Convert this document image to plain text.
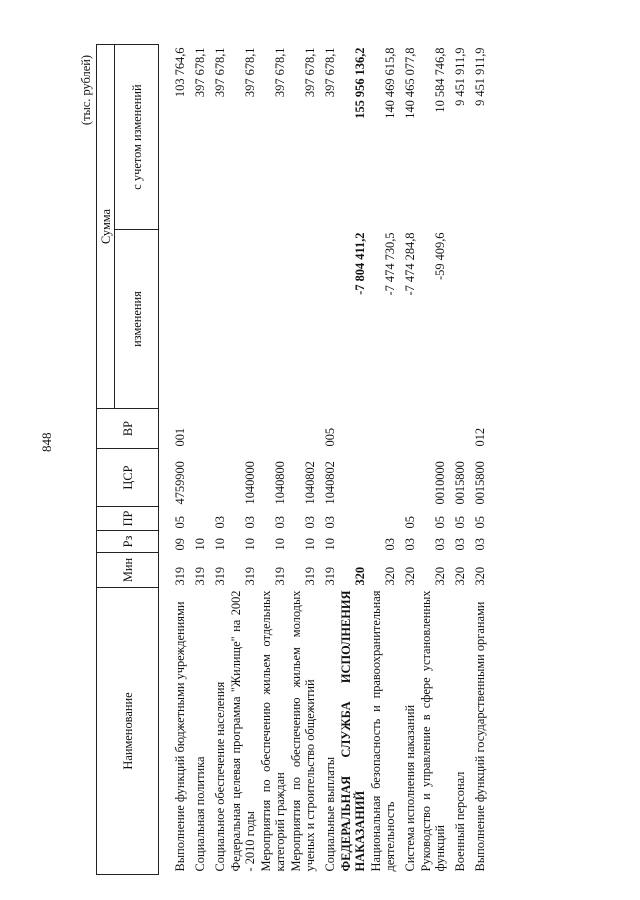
848
(тыс. рублей)
Наименование	Мин	Рз	ПР	ЦСР	ВР	Сумма	
						изменения	с учетом изменений

Выполнение функций бюджетными учреждениями	319	09	05	4759900	001		103 764,6
Социальная политика	319	10					397 678,1
Социальное обеспечение населения	319	10	03				397 678,1
Федеральная целевая программа "Жилище" на 2002 - 2010 годы	319	10	03	1040000			397 678,1
Мероприятия по обеспечению жильем отдельных категорий граждан	319	10	03	1040800			397 678,1
Мероприятия по обеспечению жильем молодых ученых и строительство общежитий	319	10	03	1040802			397 678,1
Социальные выплаты	319	10	03	1040802	005		397 678,1
ФЕДЕРАЛЬНАЯ СЛУЖБА ИСПОЛНЕНИЯ НАКАЗАНИЙ	320					-7 804 411,2	155 956 136,2
Национальная безопасность и правоохранительная деятельность	320	03				-7 474 730,5	140 469 615,8
Система исполнения наказаний	320	03	05			-7 474 284,8	140 465 077,8
Руководство и управление в сфере установленных функций	320	03	05	0010000		-59 409,6	10 584 746,8
Военный персонал	320	03	05	0015800			9 451 911,9
Выполнение функций государственными органами	320	03	05	0015800	012		9 451 911,9
